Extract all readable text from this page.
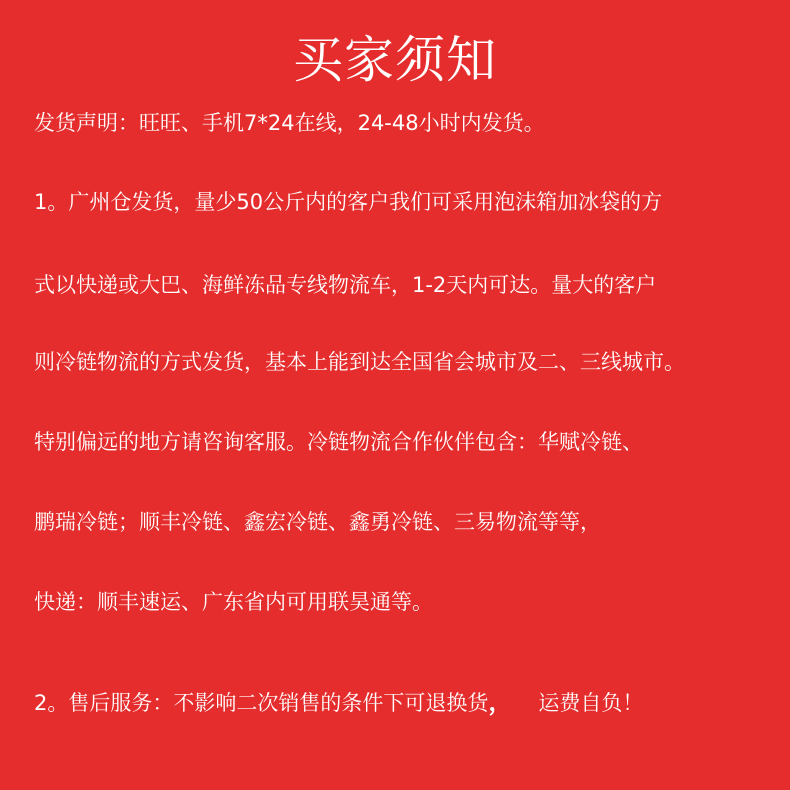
买家须知
发货声明：旺旺、手机7*24在线，24-48小时内发货。
1。广州仓发货，量少50公斤内的客户我们可采用泡沫箱加冰袋的方
式以快递或大巴、海鲜冻品专线物流车，1-2天内可达。量大的客户
则冷链物流的方式发货，基本上能到达全国省会城市及二、三线城市。
特别偏远的地方请咨询客服。冷链物流合作伙伴包含：华赋冷链、
鹏瑞冷链；顺丰冷链、鑫宏冷链、鑫勇冷链、三易物流等等，
快递：顺丰速运、广东省内可用联昊通等。
2。售后服务：不影响二次销售的条件下可退换货， 运费自负！
